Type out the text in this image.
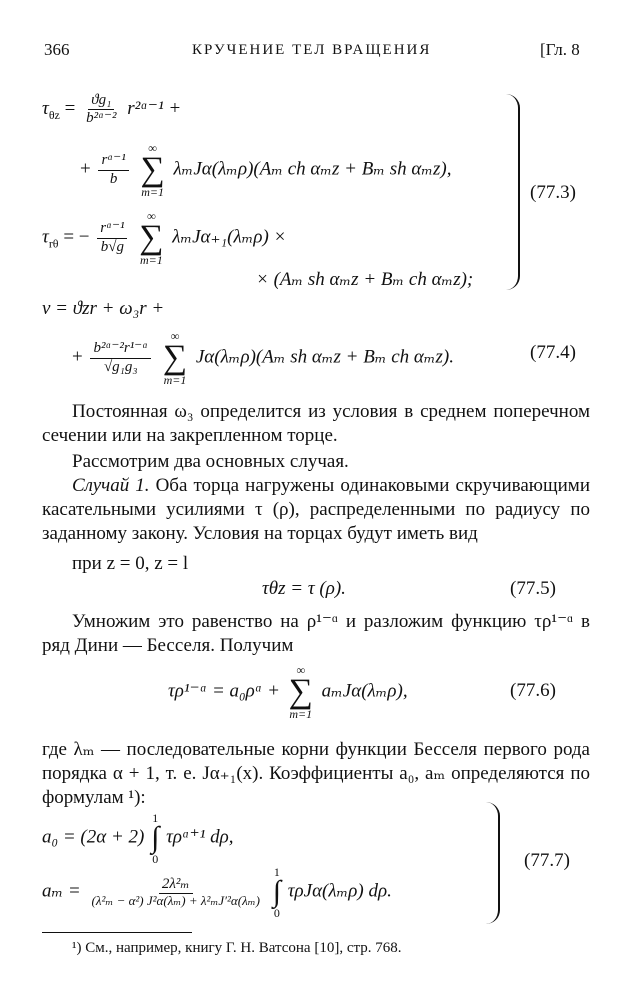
366	КРУЧЕНИЕ ТЕЛ ВРАЩЕНИЯ	[Гл. 8
$\tau_{\theta z} = \frac{\text{ϑg₁}}{\text{b²ᵅ⁻²}}$ r²ᵅ⁻¹ +
+ $\frac{\text{rᵅ⁻¹}}{b}$

∞
∑
m=1
λₘJα(λₘρ)(Aₘ ch αₘz + Bₘ sh αₘz),
$\tau_{r\theta}$ = − $\frac{\text{rᵅ⁻¹}}{b√g}$

∞
∑
m=1
λₘJα₊₁(λₘρ) ×
× (Aₘ sh αₘz + Bₘ ch αₘz);
(77.3)
v = ϑzr + ω₃r +
+ $\frac{\text{b²ᵅ⁻²r¹⁻ᵅ}}{\text{√g₁g₃}}$

∞
∑
m=1
Jα(λₘρ)(Aₘ sh αₘz + Bₘ ch αₘz).	(77.4)
Постоянная ω₃ определится из условия в среднем поперечном сечении или на закрепленном торце.
Рассмотрим два основных случая.
Случай 1. Оба торца нагружены одинаковыми скручивающими касательными усилиями τ (ρ), распределенными по радиусу по заданному закону. Условия на торцах будут иметь вид
при z = 0, z = l
τθz = τ (ρ).	(77.5)
Умножим это равенство на ρ¹⁻ᵅ и разложим функцию τρ¹⁻ᵅ в ряд Дини — Бесселя. Получим
τρ¹⁻ᵅ = a₀ρᵅ +
∞
∑
m=1
aₘJα(λₘρ),	(77.6)
где λₘ — последовательные корни функции Бесселя первого рода порядка α + 1, т. е. Jα₊₁(x). Коэффициенты a₀, aₘ определяются по формулам ¹):
a₀ = (2α + 2)
1
∫
0
τρᵅ⁺¹ dρ,
$a_m = \frac{\text{2λ²ₘ}}{\text{(λ²ₘ − α²) J²α(λₘ) + λ²ₘJ′²α(λₘ)}}$

1
∫
0
τρJα(λₘρ) dρ.
(77.7)
¹) См., например, книгу Г. Н. Ватсона [10], стр. 768.
